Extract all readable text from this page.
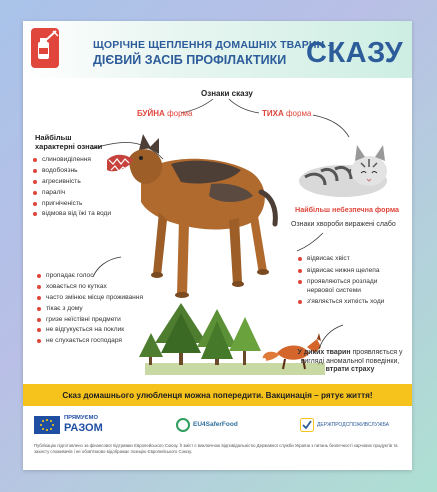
ЩОРІЧНЕ ЩЕПЛЕННЯ ДОМАШНІХ ТВАРИН –
ДІЄВИЙ ЗАСІБ ПРОФІЛАКТИКИ СКАЗУ
Ознаки сказу
БУЙНА форма	ТИХА форма
Найбільш
характерні ознаки
слиновиділення
водобоязнь
агресивність
параліч
пригніченість
відмова від їжі та води	Найбільш небезпечна форма
Ознаки хвороби виражені слабо
пропадає голос
ховається по кутках
часто змінює місце проживання
тікає з дому
гризе неїстівні предмети
не відгукується на поклик
не слухається господаря
відвисає хвіст
відвисає нижня щелепа
проявляються розлади нервової системи
з'являється хиткість ходи
У диких тварин проявляється у вигляді аномальної поведінки,
втрати страху
Сказ домашнього улюбленця можна попередити. Вакцинація – рятує життя!
ПРЯМУЄМО
РАЗОМ	EU4SaferFood	ДЕРЖПРОДСПОЖИВСЛУЖБА
Публікацію підготовлено за фінансової підтримки Європейського Союзу. Її зміст є виключною відповідальністю Державної служби України з питань безпечності харчових продуктів та захисту споживачів і не обов'язково відображає позицію Європейського Союзу.
